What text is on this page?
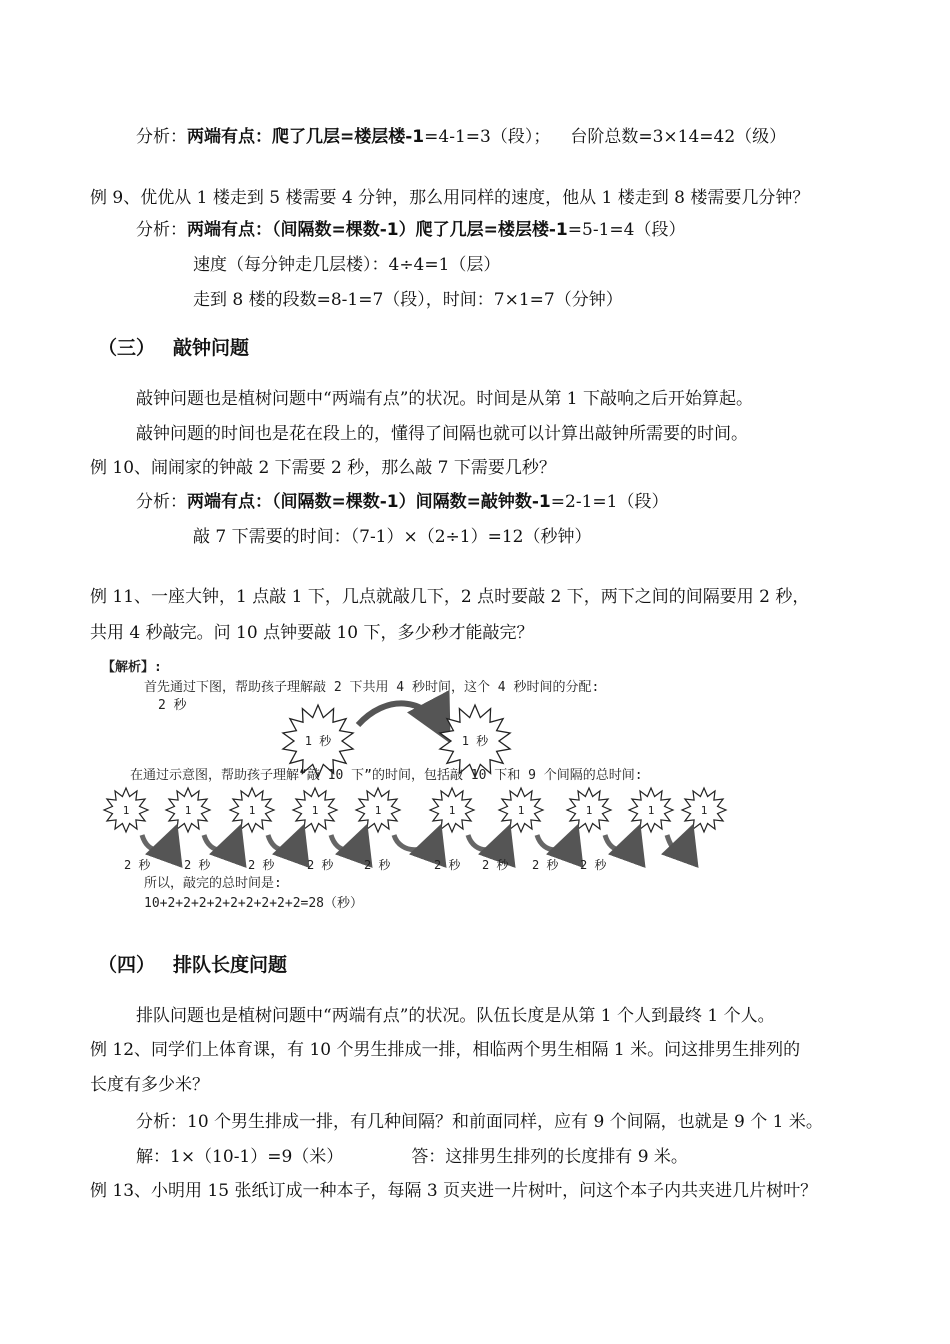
分析：两端有点：爬了几层=楼层楼-1=4-1=3（段）； 台阶总数=3×14=42（级）
例 9、优优从 1 楼走到 5 楼需要 4 分钟，那么用同样的速度，他从 1 楼走到 8 楼需要几分钟？
分析：两端有点：（间隔数=棵数-1）爬了几层=楼层楼-1=5-1=4（段）
速度（每分钟走几层楼）：4÷4=1（层）
走到 8 楼的段数=8-1=7（段），时间：7×1=7（分钟）
（三） 敲钟问题
敲钟问题也是植树问题中“两端有点”的状况。时间是从第 1 下敲响之后开始算起。
敲钟问题的时间也是花在段上的，懂得了间隔也就可以计算出敲钟所需要的时间。
例 10、闹闹家的钟敲 2 下需要 2 秒，那么敲 7 下需要几秒？
分析：两端有点：（间隔数=棵数-1）间隔数=敲钟数-1=2-1=1（段）
敲 7 下需要的时间：（7-1）×（2÷1）=12（秒钟）
例 11、一座大钟，1 点敲 1 下，几点就敲几下，2 点时要敲 2 下，两下之间的间隔要用 2 秒，
共用 4 秒敲完。问 10 点钟要敲 10 下，多少秒才能敲完？
【解析】:
首先通过下图，帮助孩子理解敲 2 下共用 4 秒时间，这个 4 秒时间的分配:
2 秒
1 秒	1 秒
在通过示意图，帮助孩子理解“敲 10 下”的时间，包括敲 10 下和 9 个间隔的总时间:
1	1	1	1	1	1	1	1	1	1
2 秒	2 秒	2 秒	2 秒	2 秒	2 秒 2 秒 2 秒 2 秒
所以，敲完的总时间是:
10+2+2+2+2+2+2+2+2+2=28（秒）
（四） 排队长度问题
排队问题也是植树问题中“两端有点”的状况。队伍长度是从第 1 个人到最终 1 个人。
例 12、同学们上体育课，有 10 个男生排成一排，相临两个男生相隔 1 米。问这排男生排列的
长度有多少米？
分析：10 个男生排成一排，有几种间隔？和前面同样，应有 9 个间隔，也就是 9 个 1 米。
解：1×（10-1）=9（米）	答：这排男生排列的长度排有 9 米。
例 13、小明用 15 张纸订成一种本子，每隔 3 页夹进一片树叶，问这个本子内共夹进几片树叶？
